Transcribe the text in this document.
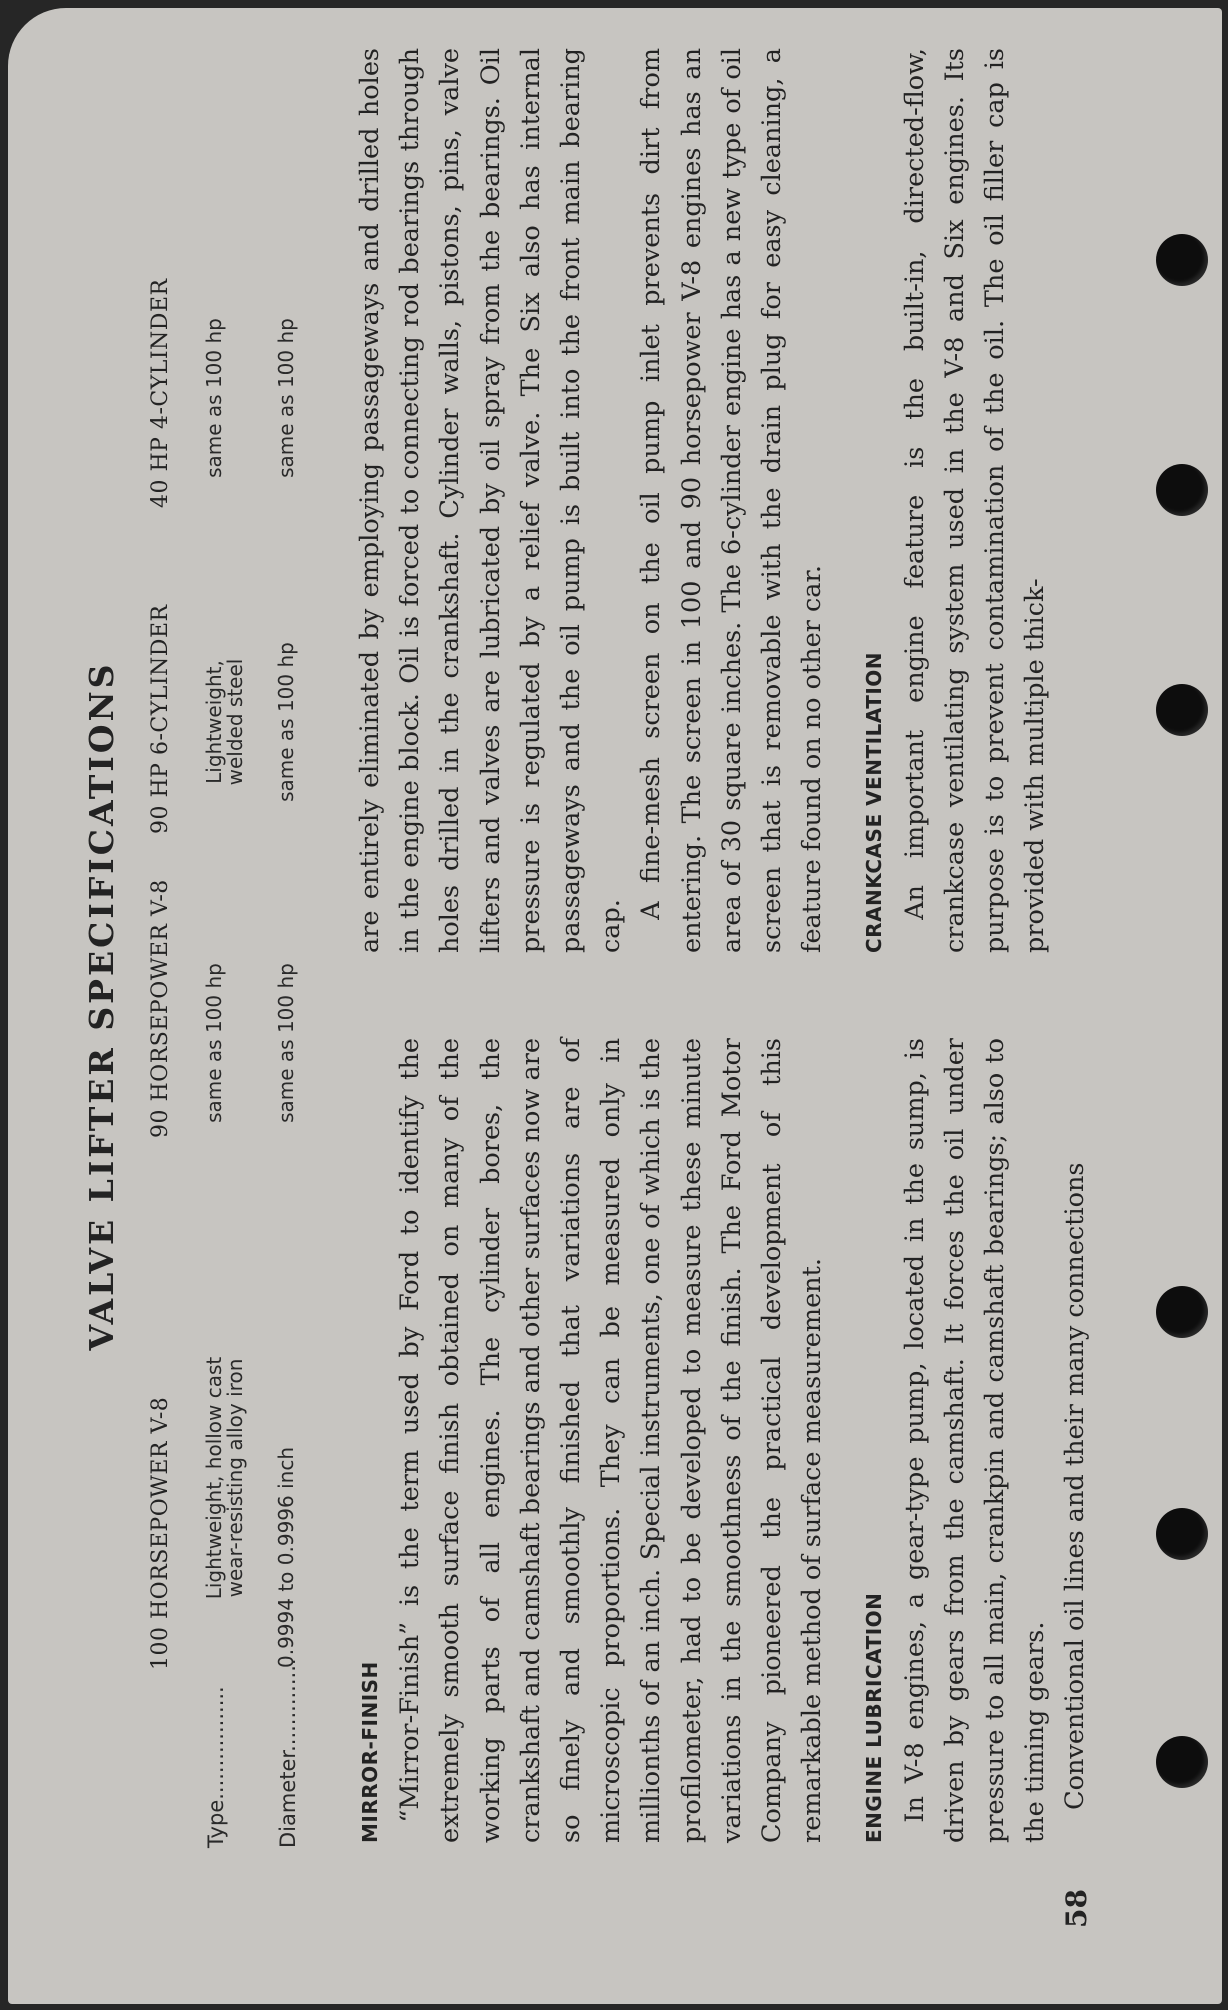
VALVE LIFTER SPECIFICATIONS
100 HORSEPOWER V-8
90 HORSEPOWER V-8
90 HP 6-CYLINDER
40 HP 4-CYLINDER
Type.................
Lightweight, hollow cast wear-resisting alloy iron
same as 100 hp
Lightweight, welded steel
same as 100 hp
Diameter..............
0.9994 to 0.9996 inch
same as 100 hp
same as 100 hp
same as 100 hp

MIRROR-FINISH “Mirror-Finish” is the term used by Ford to identify the extremely smooth surface finish obtained on many of the working parts of all engines. The cylinder bores, the crankshaft and camshaft bearings and other surfaces now are so finely and smoothly finished that variations are of microscopic proportions. They can be measured only in millionths of an inch. Special instruments, one of which is the profilometer, had to be developed to measure these minute variations in the smoothness of the finish. The Ford Motor Company pioneered the practical development of this remarkable method of surface measurement.	ENGINE LUBRICATION In V-8 engines, a gear-type pump, located in the sump, is driven by gears from the camshaft. It forces the oil under pressure to all main, crankpin and camshaft bearings; also to the timing gears. Conventional oil lines and their many connections

are entirely eliminated by employing passageways and drilled holes in the engine block. Oil is forced to connecting rod bearings through holes drilled in the crankshaft. Cylinder walls, pistons, pins, valve lifters and valves are lubricated by oil spray from the bearings. Oil pressure is regulated by a relief valve. The Six also has internal passageways and the oil pump is built into the front main bearing cap.

A fine-mesh screen on the oil pump inlet prevents dirt from entering. The screen in 100 and 90 horsepower V-8 engines has an area of 30 square inches. The 6-cylinder engine has a new type of oil screen that is removable with the drain plug for easy cleaning, a feature found on no other car.	CRANKCASE VENTILATION An important engine feature is the built-in, directed-flow, crankcase ventilating system used in the V-8 and Six engines. Its purpose is to prevent contamination of the oil. The oil filler cap is provided with multiple thick-

58
